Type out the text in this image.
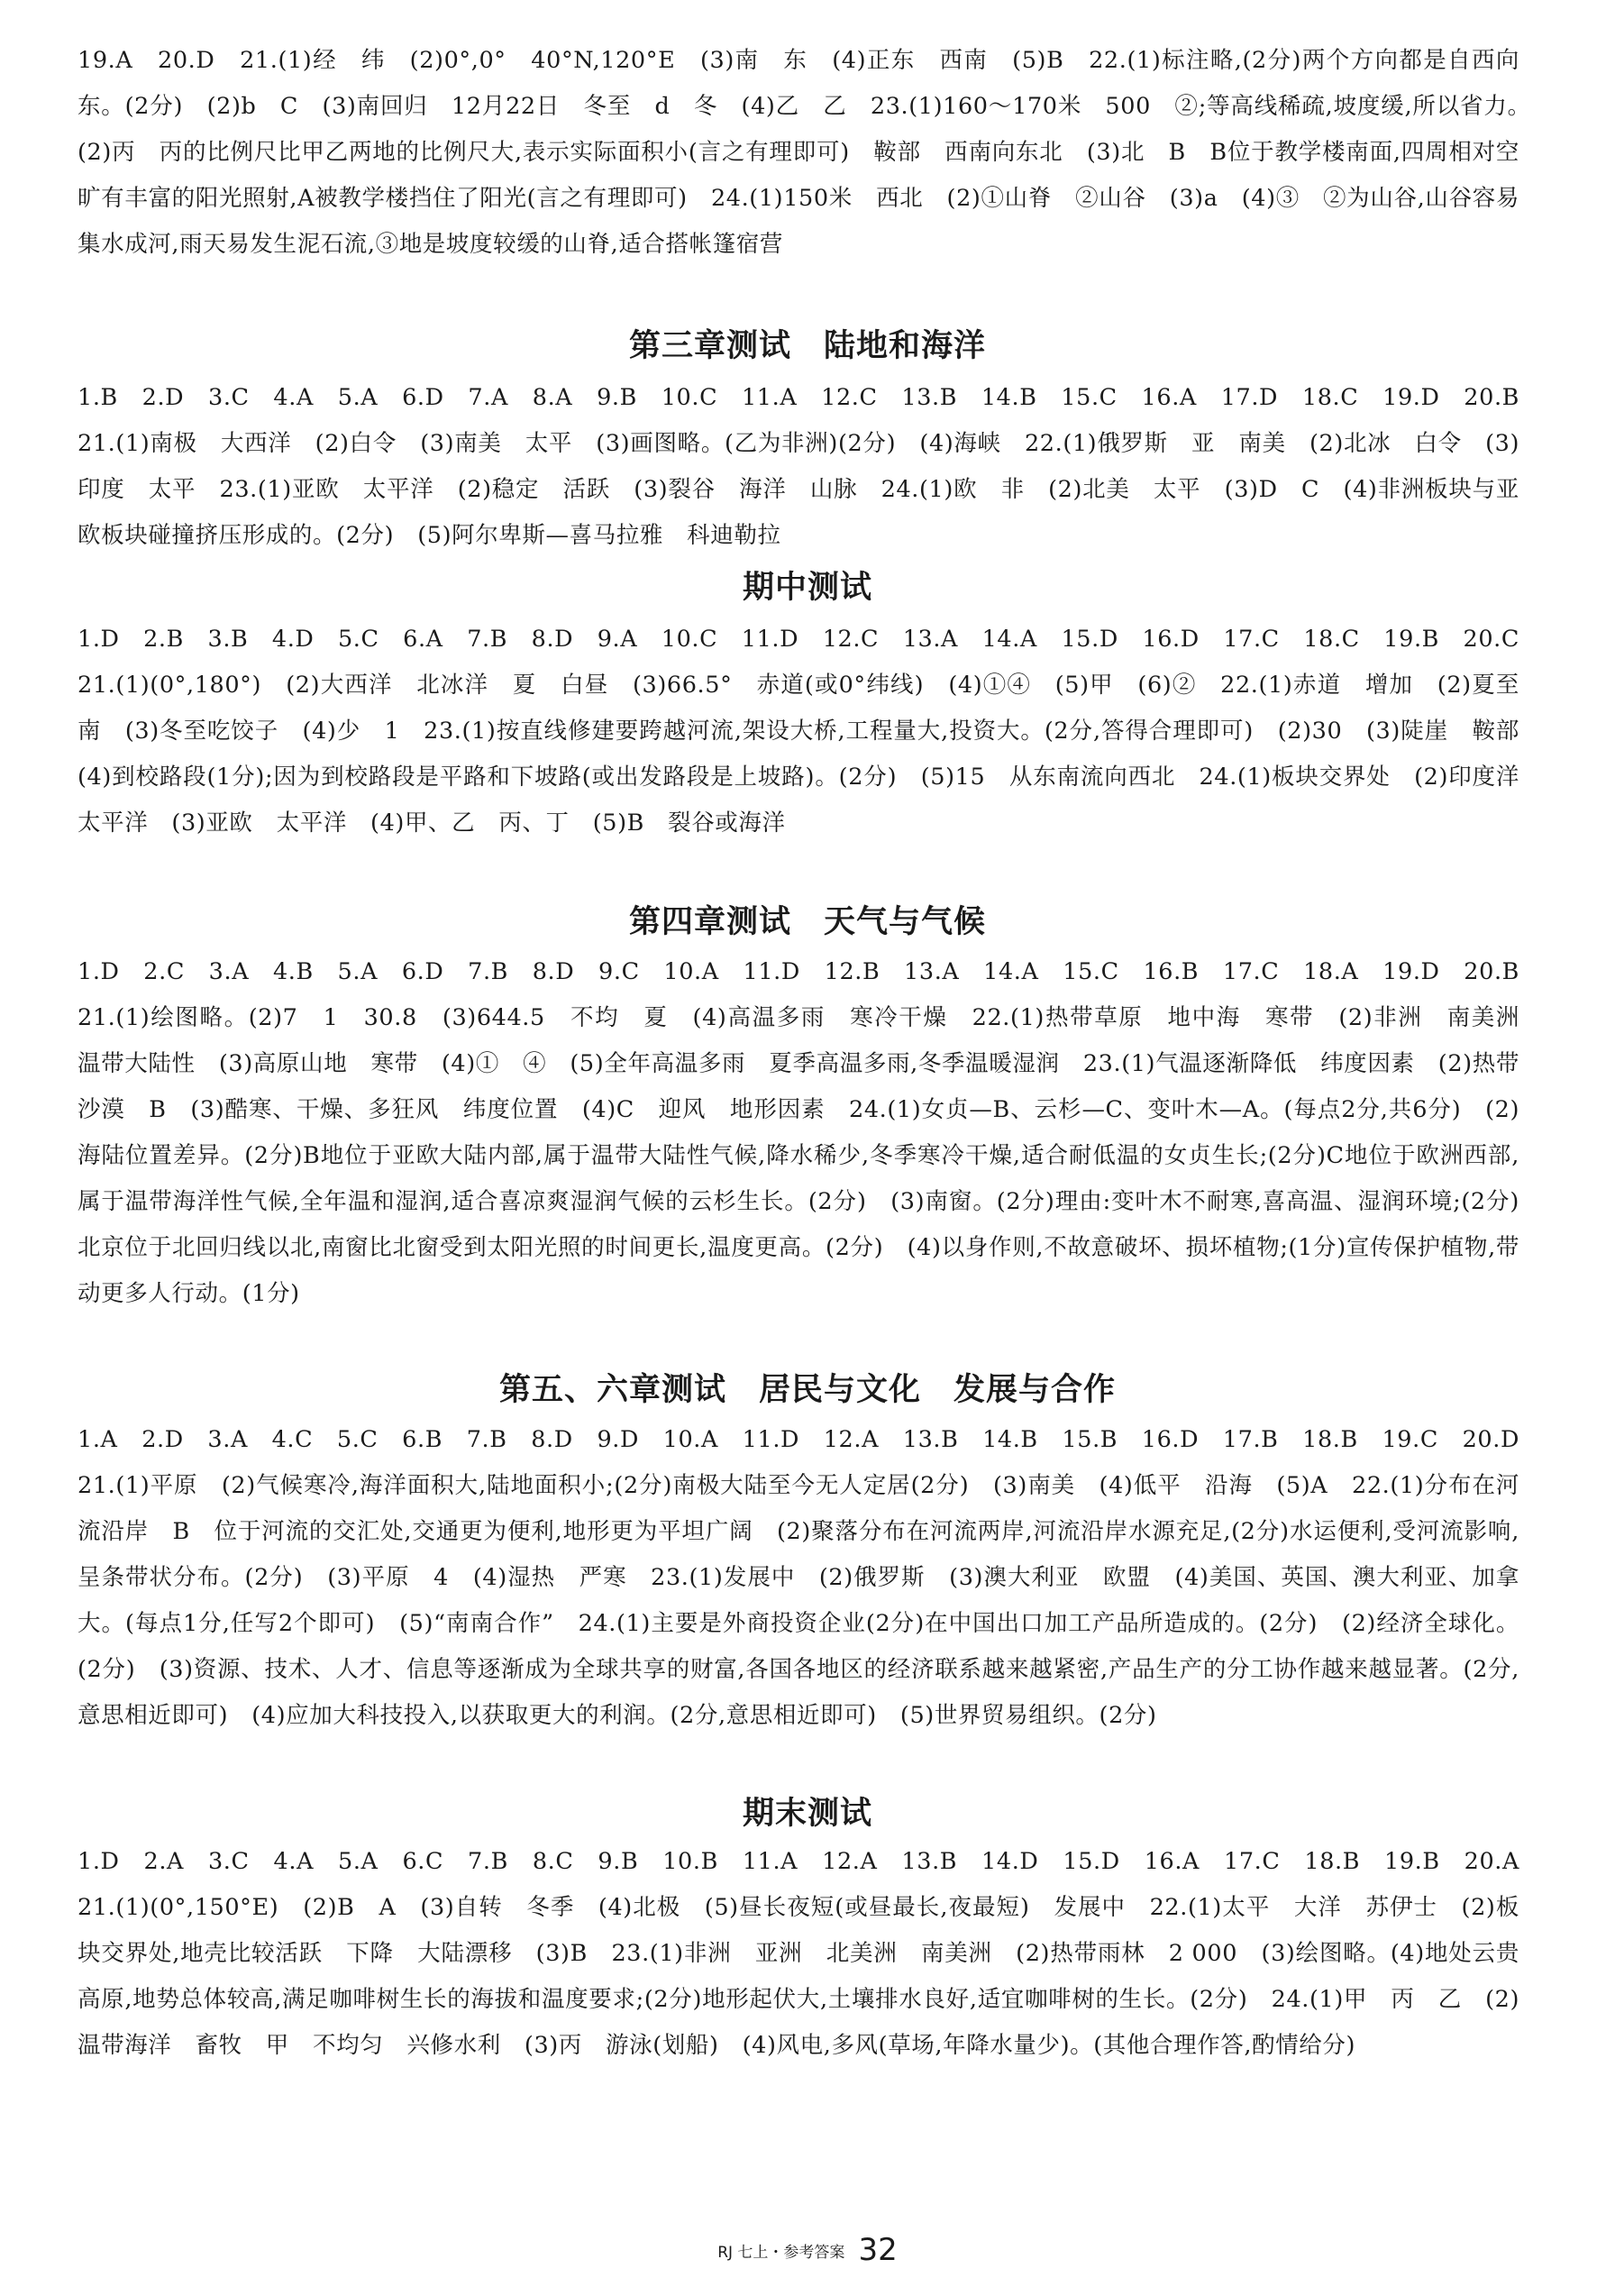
19.A　20.D　21.(1)经　纬　(2)0°,0°　40°N,120°E　(3)南　东　(4)正东　西南　(5)B　22.(1)标注略,(2分)两个方向都是自西向东。(2分)　(2)b　C　(3)南回归　12月22日　冬至　d　冬　(4)乙　乙　23.(1)160～170米　500　②;等高线稀疏,坡度缓,所以省力。　(2)丙　丙的比例尺比甲乙两地的比例尺大,表示实际面积小(言之有理即可)　鞍部　西南向东北　(3)北　B　B位于教学楼南面,四周相对空旷有丰富的阳光照射,A被教学楼挡住了阳光(言之有理即可)　24.(1)150米　西北　(2)①山脊　②山谷　(3)a　(4)③　②为山谷,山谷容易集水成河,雨天易发生泥石流,③地是坡度较缓的山脊,适合搭帐篷宿营

第三章测试　陆地和海洋

1.B　2.D　3.C　4.A　5.A　6.D　7.A　8.A　9.B　10.C　11.A　12.C　13.B　14.B　15.C　16.A　17.D　18.C　19.D　20.B　21.(1)南极　大西洋　(2)白令　(3)南美　太平　(3)画图略。(乙为非洲)(2分)　(4)海峡　22.(1)俄罗斯　亚　南美　(2)北冰　白令　(3)印度　太平　23.(1)亚欧　太平洋　(2)稳定　活跃　(3)裂谷　海洋　山脉　24.(1)欧　非　(2)北美　太平　(3)D　C　(4)非洲板块与亚欧板块碰撞挤压形成的。(2分)　(5)阿尔卑斯—喜马拉雅　科迪勒拉

期中测试

1.D　2.B　3.B　4.D　5.C　6.A　7.B　8.D　9.A　10.C　11.D　12.C　13.A　14.A　15.D　16.D　17.C　18.C　19.B　20.C　21.(1)(0°,180°)　(2)大西洋　北冰洋　夏　白昼　(3)66.5°　赤道(或0°纬线)　(4)①④　(5)甲　(6)②　22.(1)赤道　增加　(2)夏至　南　(3)冬至吃饺子　(4)少　1　23.(1)按直线修建要跨越河流,架设大桥,工程量大,投资大。(2分,答得合理即可)　(2)30　(3)陡崖　鞍部　(4)到校路段(1分);因为到校路段是平路和下坡路(或出发路段是上坡路)。(2分)　(5)15　从东南流向西北　24.(1)板块交界处　(2)印度洋　太平洋　(3)亚欧　太平洋　(4)甲、乙　丙、丁　(5)B　裂谷或海洋

第四章测试　天气与气候

1.D　2.C　3.A　4.B　5.A　6.D　7.B　8.D　9.C　10.A　11.D　12.B　13.A　14.A　15.C　16.B　17.C　18.A　19.D　20.B　21.(1)绘图略。(2)7　1　30.8　(3)644.5　不均　夏　(4)高温多雨　寒冷干燥　22.(1)热带草原　地中海　寒带　(2)非洲　南美洲　温带大陆性　(3)高原山地　寒带　(4)①　④　(5)全年高温多雨　夏季高温多雨,冬季温暖湿润　23.(1)气温逐渐降低　纬度因素　(2)热带沙漠　B　(3)酷寒、干燥、多狂风　纬度位置　(4)C　迎风　地形因素　24.(1)女贞—B、云杉—C、变叶木—A。(每点2分,共6分)　(2)海陆位置差异。(2分)B地位于亚欧大陆内部,属于温带大陆性气候,降水稀少,冬季寒冷干燥,适合耐低温的女贞生长;(2分)C地位于欧洲西部,属于温带海洋性气候,全年温和湿润,适合喜凉爽湿润气候的云杉生长。(2分)　(3)南窗。(2分)理由:变叶木不耐寒,喜高温、湿润环境;(2分)北京位于北回归线以北,南窗比北窗受到太阳光照的时间更长,温度更高。(2分)　(4)以身作则,不故意破坏、损坏植物;(1分)宣传保护植物,带动更多人行动。(1分)

第五、六章测试　居民与文化　发展与合作

1.A　2.D　3.A　4.C　5.C　6.B　7.B　8.D　9.D　10.A　11.D　12.A　13.B　14.B　15.B　16.D　17.B　18.B　19.C　20.D　21.(1)平原　(2)气候寒冷,海洋面积大,陆地面积小;(2分)南极大陆至今无人定居(2分)　(3)南美　(4)低平　沿海　(5)A　22.(1)分布在河流沿岸　B　位于河流的交汇处,交通更为便利,地形更为平坦广阔　(2)聚落分布在河流两岸,河流沿岸水源充足,(2分)水运便利,受河流影响,呈条带状分布。(2分)　(3)平原　4　(4)湿热　严寒　23.(1)发展中　(2)俄罗斯　(3)澳大利亚　欧盟　(4)美国、英国、澳大利亚、加拿大。(每点1分,任写2个即可)　(5)“南南合作”　24.(1)主要是外商投资企业(2分)在中国出口加工产品所造成的。(2分)　(2)经济全球化。(2分)　(3)资源、技术、人才、信息等逐渐成为全球共享的财富,各国各地区的经济联系越来越紧密,产品生产的分工协作越来越显著。(2分,意思相近即可)　(4)应加大科技投入,以获取更大的利润。(2分,意思相近即可)　(5)世界贸易组织。(2分)

期末测试

1.D　2.A　3.C　4.A　5.A　6.C　7.B　8.C　9.B　10.B　11.A　12.A　13.B　14.D　15.D　16.A　17.C　18.B　19.B　20.A　21.(1)(0°,150°E)　(2)B　A　(3)自转　冬季　(4)北极　(5)昼长夜短(或昼最长,夜最短)　发展中　22.(1)太平　大洋　苏伊士　(2)板块交界处,地壳比较活跃　下降　大陆漂移　(3)B　23.(1)非洲　亚洲　北美洲　南美洲　(2)热带雨林　2 000　(3)绘图略。(4)地处云贵高原,地势总体较高,满足咖啡树生长的海拔和温度要求;(2分)地形起伏大,土壤排水良好,适宜咖啡树的生长。(2分)　24.(1)甲　丙　乙　(2)温带海洋　畜牧　甲　不均匀　兴修水利　(3)丙　游泳(划船)　(4)风电,多风(草场,年降水量少)。(其他合理作答,酌情给分)

RJ 七上・参考答案 32
